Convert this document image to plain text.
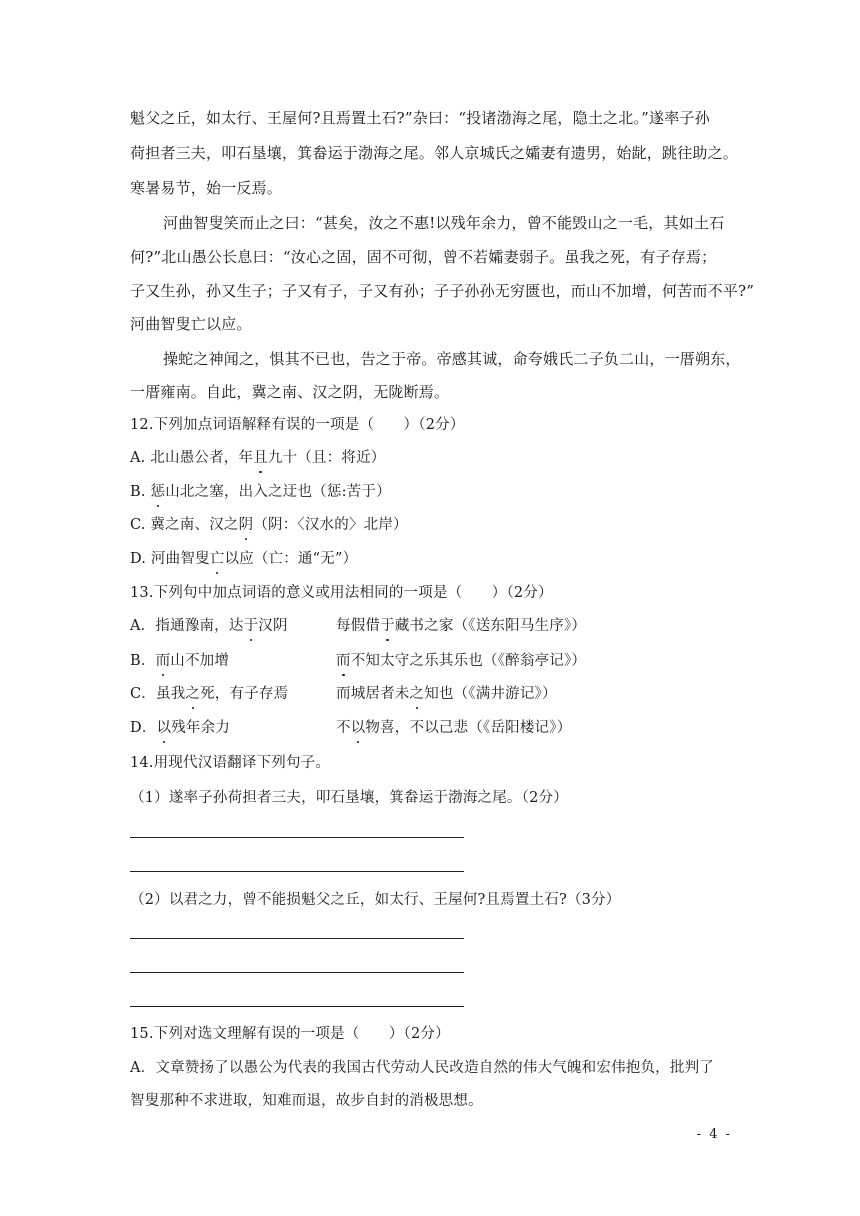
魁父之丘，如太行、王屋何?且焉置土石?”杂曰：“投诸渤海之尾，隐土之北。”遂率子孙
荷担者三夫，叩石垦壤，箕畚运于渤海之尾。邻人京城氏之孀妻有遗男，始龀，跳往助之。
寒暑易节，始一反焉。
河曲智叟笑而止之曰：“甚矣，汝之不惠!以残年余力，曾不能毁山之一毛，其如土石
何?”北山愚公长息曰：“汝心之固，固不可彻，曾不若孀妻弱子。虽我之死，有子存焉；
子又生孙，孙又生子；子又有子，子又有孙；子子孙孙无穷匮也，而山不加增，何苦而不平?”
河曲智叟亡以应。
操蛇之神闻之，惧其不已也，告之于帝。帝感其诚，命夸娥氏二子负二山，一厝朔东，
一厝雍南。自此，冀之南、汉之阴，无陇断焉。
12.下列加点词语解释有误的一项是（　　）（2分）
A. 北山愚公者，年且九十（且：将近）
B. 惩山北之塞，出入之迂也（惩:苦于）
C. 冀之南、汉之阴（阴：〈汉水的〉北岸）
D. 河曲智叟亡以应（亡：通“无”）
13.下列句中加点词语的意义或用法相同的一项是（　　）（2分）
A．指通豫南，达于汉阴	每假借于藏书之家（《送东阳马生序》）
B．而山不加增	而不知太守之乐其乐也（《醉翁亭记》）
C．虽我之死，有子存焉	而城居者未之知也（《满井游记》）
D．以残年余力	不以物喜，不以己悲（《岳阳楼记》）
14.用现代汉语翻译下列句子。
（1）遂率子孙荷担者三夫，叩石垦壤，箕畚运于渤海之尾。（2分）
（2）以君之力，曾不能损魁父之丘，如太行、王屋何?且焉置土石?（3分）
15.下列对选文理解有误的一项是（　　）（2分）
A．文章赞扬了以愚公为代表的我国古代劳动人民改造自然的伟大气魄和宏伟抱负，批判了
智叟那种不求进取，知难而退，故步自封的消极思想。
- 4 -
